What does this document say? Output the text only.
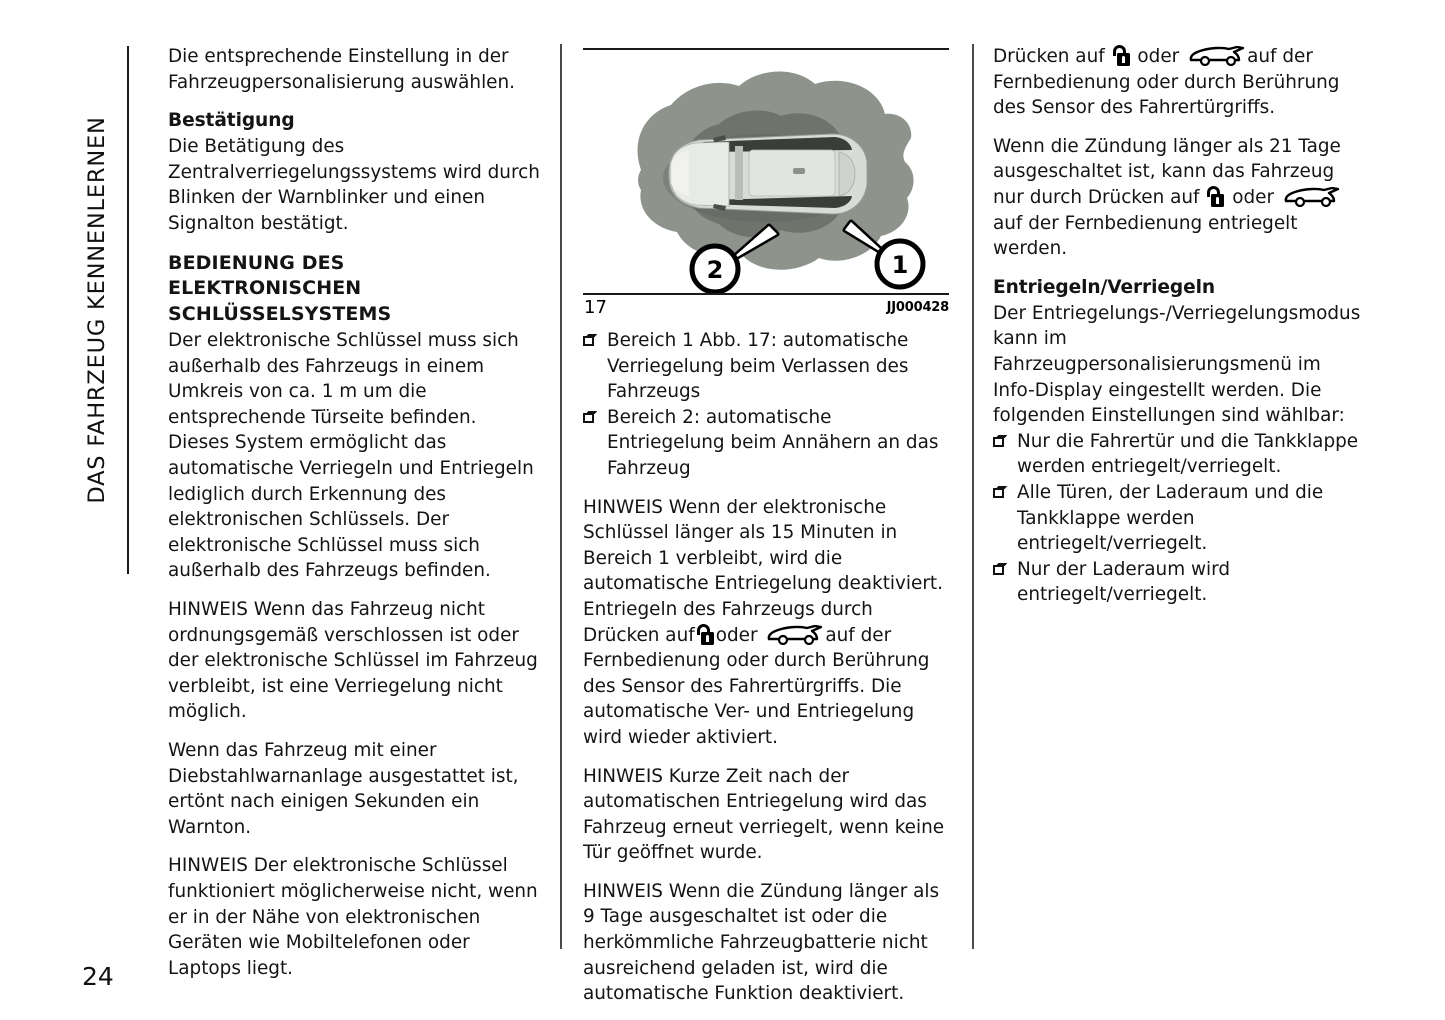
DAS FAHRZEUG KENNENLERNEN
24

Die entsprechende Einstellung in der Fahrzeugpersonalisierung auswählen.

Bestätigung

Die Betätigung des Zentralverriegelungssystems wird durch Blinken der Warnblinker und einen Signalton bestätigt.

BEDIENUNG DES ELEKTRONISCHEN SCHLÜSSELSYSTEMS

Der elektronische Schlüssel muss sich außerhalb des Fahrzeugs in einem Umkreis von ca. 1 m um die entsprechende Türseite befinden.

Dieses System ermöglicht das automatische Verriegeln und Entriegeln lediglich durch Erkennung des elektronischen Schlüssels. Der elektronische Schlüssel muss sich außerhalb des Fahrzeugs befinden.

HINWEIS Wenn das Fahrzeug nicht ordnungsgemäß verschlossen ist oder der elektronische Schlüssel im Fahrzeug verbleibt, ist eine Verriegelung nicht möglich.

Wenn das Fahrzeug mit einer Diebstahlwarnanlage ausgestattet ist, ertönt nach einigen Sekunden ein Warnton.

HINWEIS Der elektronische Schlüssel funktioniert möglicherweise nicht, wenn er in der Nähe von elektronischen Geräten wie Mobiltelefonen oder Laptops liegt.

2	1
17	JJ000428
Bereich 1 Abb. 17: automatische Verriegelung beim Verlassen des Fahrzeugs
Bereich 2: automatische Entriegelung beim Annähern an das Fahrzeug

HINWEIS Wenn der elektronische Schlüssel länger als 15 Minuten in Bereich 1 verbleibt, wird die automatische Entriegelung deaktiviert. Entriegeln des Fahrzeugs durch Drücken auf oder	auf der Fernbedienung oder durch Berührung des Sensor des Fahrertürgriffs. Die automatische Ver- und Entriegelung wird wieder aktiviert.

HINWEIS Kurze Zeit nach der automatischen Entriegelung wird das Fahrzeug erneut verriegelt, wenn keine Tür geöffnet wurde.

HINWEIS Wenn die Zündung länger als 9 Tage ausgeschaltet ist oder die herkömmliche Fahrzeugbatterie nicht ausreichend geladen ist, wird die automatische Funktion deaktiviert.

Drücken auf oder	auf der Fernbedienung oder durch Berührung des Sensor des Fahrertürgriffs.

Wenn die Zündung länger als 21 Tage ausgeschaltet ist, kann das Fahrzeug nur durch Drücken auf oder auf der Fernbedienung entriegelt werden.

Entriegeln/Verriegeln

Der Entriegelungs-/Verriegelungsmodus kann im Fahrzeugpersonalisierungsmenü im Info-Display eingestellt werden. Die folgenden Einstellungen sind wählbar:

Nur die Fahrertür und die Tankklappe werden entriegelt/verriegelt.
Alle Türen, der Laderaum und die Tankklappe werden entriegelt/verriegelt.
Nur der Laderaum wird entriegelt/verriegelt.
